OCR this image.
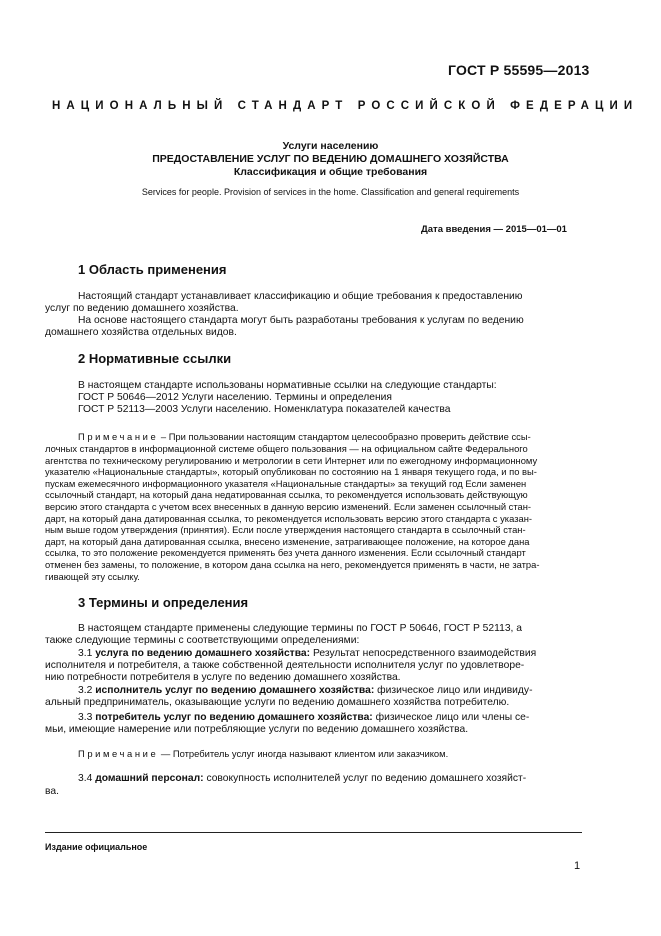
ГОСТ Р 55595—2013
НАЦИОНАЛЬНЫЙ СТАНДАРТ РОССИЙСКОЙ ФЕДЕРАЦИИ
Услуги населению
ПРЕДОСТАВЛЕНИЕ УСЛУГ ПО ВЕДЕНИЮ ДОМАШНЕГО ХОЗЯЙСТВА
Классификация и общие требования
Services for people. Provision of services in the home. Classification and general requirements
Дата введения — 2015—01—01
1 Область применения
Настоящий стандарт устанавливает классификацию и общие требования к предоставлению
услуг по ведению домашнего хозяйства.
На основе настоящего стандарта могут быть разработаны требования к услугам по ведению
домашнего хозяйства отдельных видов.
2 Нормативные ссылки
В настоящем стандарте использованы нормативные ссылки на следующие стандарты:
ГОСТ Р 50646—2012 Услуги населению. Термины и определения
ГОСТ Р 52113—2003 Услуги населению. Номенклатура показателей качества
Примечание – При пользовании настоящим стандартом целесообразно проверить действие ссы-
лочных стандартов в информационной системе общего пользования — на официальном сайте Федерального
агентства по техническому регулированию и метрологии в сети Интернет или по ежегодному информационному
указателю «Национальные стандарты», который опубликован по состоянию на 1 января текущего года, и по вы-
пускам ежемесячного информационного указателя «Национальные стандарты» за текущий год Если заменен
ссылочный стандарт, на который дана недатированная ссылка, то рекомендуется использовать действующую
версию этого стандарта с учетом всех внесенных в данную версию изменений. Если заменен ссылочный стан-
дарт, на который дана датированная ссылка, то рекомендуется использовать версию этого стандарта с указан-
ным выше годом утверждения (принятия). Если после утверждения настоящего стандарта в ссылочный стан-
дарт, на который дана датированная ссылка, внесено изменение, затрагивающее положение, на которое дана
ссылка, то это положение рекомендуется применять без учета данного изменения. Если ссылочный стандарт
отменен без замены, то положение, в котором дана ссылка на него, рекомендуется применять в части, не затра-
гивающей эту ссылку.
3 Термины и определения
В настоящем стандарте применены следующие термины по ГОСТ Р 50646, ГОСТ Р 52113, а
также следующие термины с соответствующими определениями:
3.1 услуга по ведению домашнего хозяйства: Результат непосредственного взаимодействия
исполнителя и потребителя, а также собственной деятельности исполнителя услуг по удовлетворе-
нию потребности потребителя в услуге по ведению домашнего хозяйства.
3.2 исполнитель услуг по ведению домашнего хозяйства: физическое лицо или индивиду-
альный предприниматель, оказывающие услуги по ведению домашнего хозяйства потребителю.
3.3 потребитель услуг по ведению домашнего хозяйства: физическое лицо или члены се-
мьи, имеющие намерение или потребляющие услуги по ведению домашнего хозяйства.
Примечание — Потребитель услуг иногда называют клиентом или заказчиком.
3.4 домашний персонал: совокупность исполнителей услуг по ведению домашнего хозяйст-
ва.
Издание официальное
1
